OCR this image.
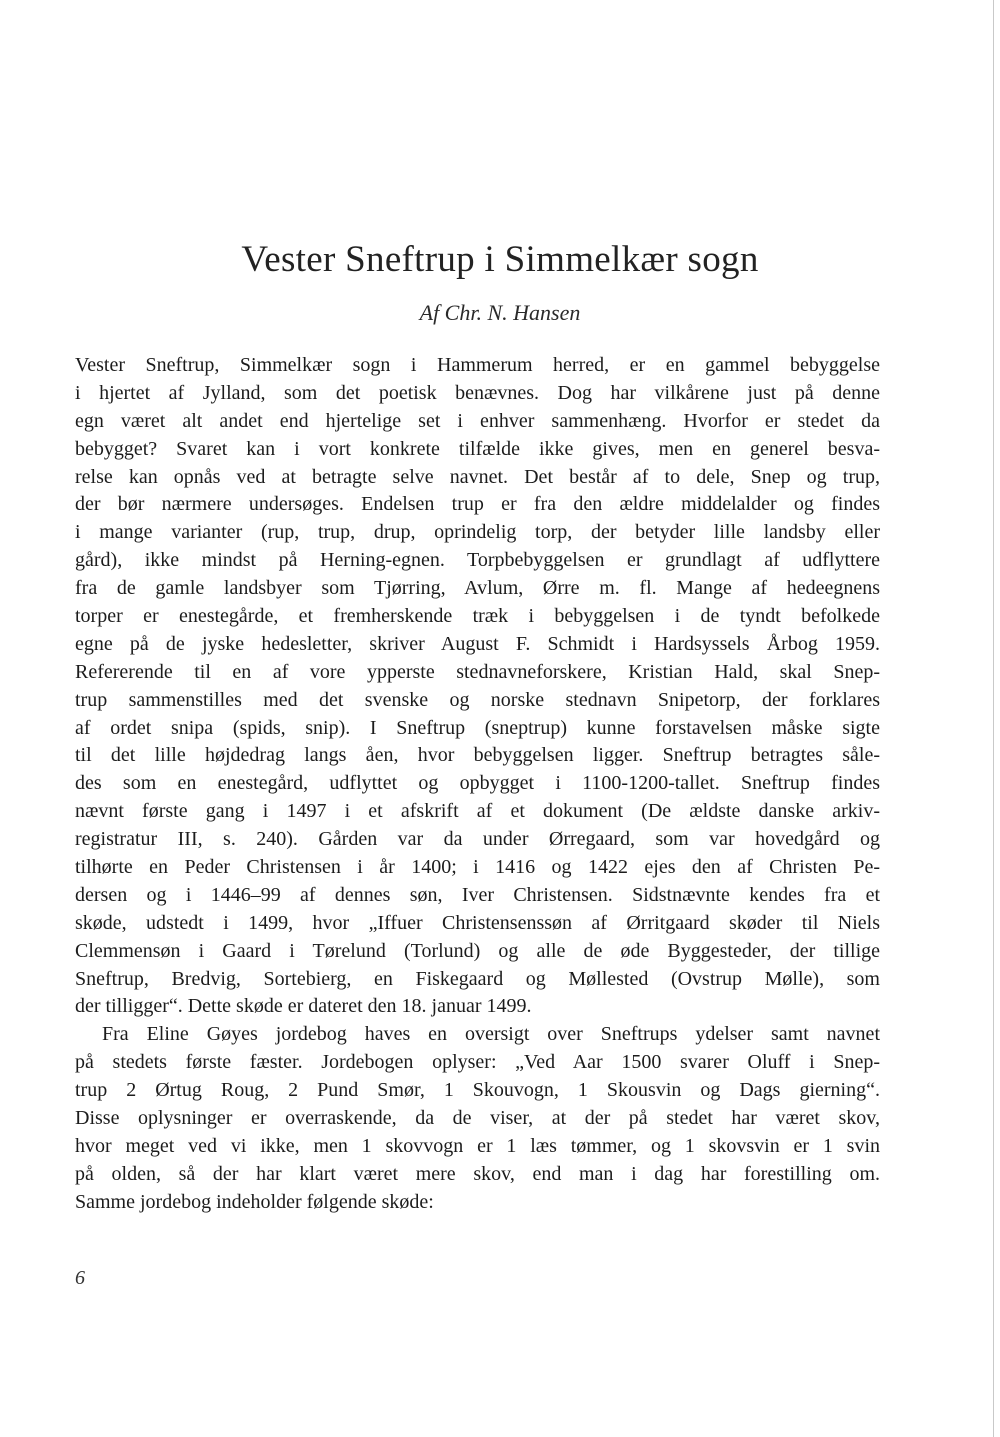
Vester Sneftrup i Simmelkær sogn
Af Chr. N. Hansen
Vester Sneftrup, Simmelkær sogn i Hammerum herred, er en gammel bebyggelse
i hjertet af Jylland, som det poetisk benævnes. Dog har vilkårene just på denne
egn været alt andet end hjertelige set i enhver sammenhæng. Hvorfor er stedet da
bebygget? Svaret kan i vort konkrete tilfælde ikke gives, men en generel besva-
relse kan opnås ved at betragte selve navnet. Det består af to dele, Snep og trup,
der bør nærmere undersøges. Endelsen trup er fra den ældre middelalder og findes
i mange varianter (rup, trup, drup, oprindelig torp, der betyder lille landsby eller
gård), ikke mindst på Herning-egnen. Torpbebyggelsen er grundlagt af udflyttere
fra de gamle landsbyer som Tjørring, Avlum, Ørre m. fl. Mange af hedeegnens
torper er enestegårde, et fremherskende træk i bebyggelsen i de tyndt befolkede
egne på de jyske hedesletter, skriver August F. Schmidt i Hardsyssels Årbog 1959.
Refererende til en af vore ypperste stednavneforskere, Kristian Hald, skal Snep-
trup sammenstilles med det svenske og norske stednavn Snipetorp, der forklares
af ordet snipa (spids, snip). I Sneftrup (sneptrup) kunne forstavelsen måske sigte
til det lille højdedrag langs åen, hvor bebyggelsen ligger. Sneftrup betragtes såle-
des som en enestegård, udflyttet og opbygget i 1100-1200-tallet. Sneftrup findes
nævnt første gang i 1497 i et afskrift af et dokument (De ældste danske arkiv-
registratur III, s. 240). Gården var da under Ørregaard, som var hovedgård og
tilhørte en Peder Christensen i år 1400; i 1416 og 1422 ejes den af Christen Pe-
dersen og i 1446–99 af dennes søn, Iver Christensen. Sidstnævnte kendes fra et
skøde, udstedt i 1499, hvor „Iffuer Christensenssøn af Ørritgaard skøder til Niels
Clemmensøn i Gaard i Tørelund (Torlund) og alle de øde Byggesteder, der tillige
Sneftrup, Bredvig, Sortebierg, en Fiskegaard og Møllested (Ovstrup Mølle), som
der tilligger“. Dette skøde er dateret den 18. januar 1499.
Fra Eline Gøyes jordebog haves en oversigt over Sneftrups ydelser samt navnet
på stedets første fæster. Jordebogen oplyser: „Ved Aar 1500 svarer Oluff i Snep-
trup 2 Ørtug Roug, 2 Pund Smør, 1 Skouvogn, 1 Skousvin og Dags gierning“.
Disse oplysninger er overraskende, da de viser, at der på stedet har været skov,
hvor meget ved vi ikke, men 1 skovvogn er 1 læs tømmer, og 1 skovsvin er 1 svin
på olden, så der har klart været mere skov, end man i dag har forestilling om.
Samme jordebog indeholder følgende skøde:
6
